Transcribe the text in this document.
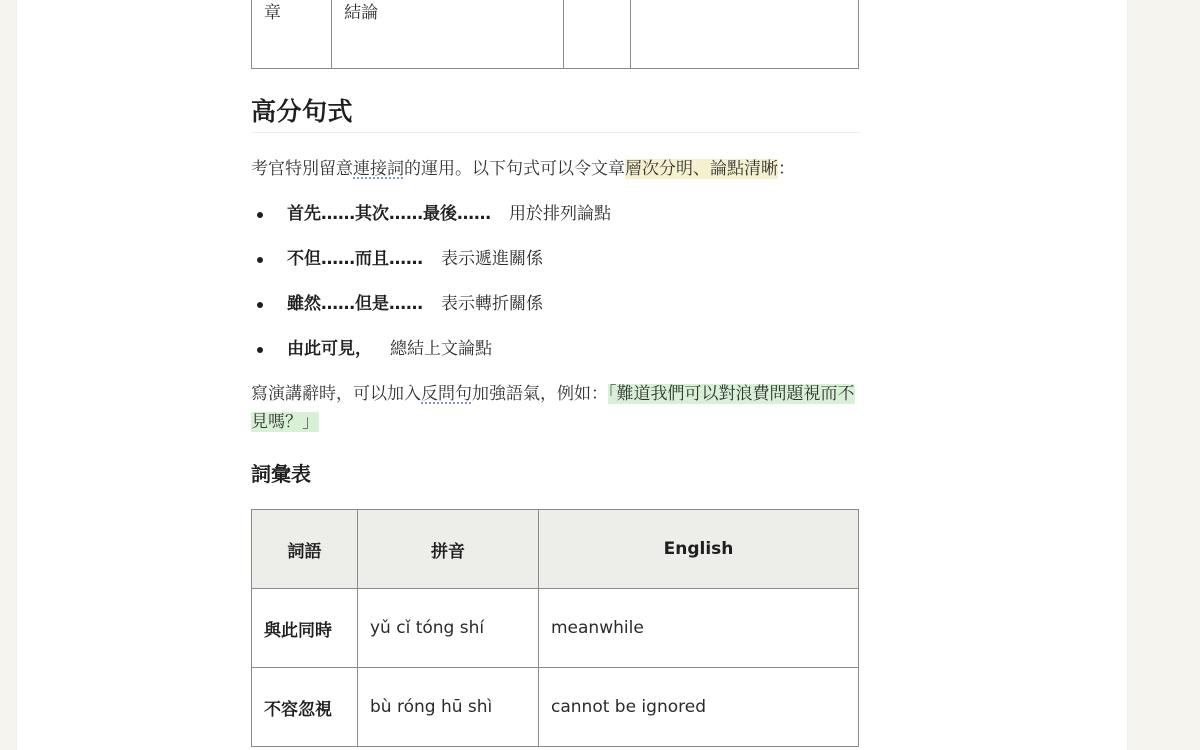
章	結論		
高分句式

考官特別留意連接詞的運用。以下句式可以令文章層次分明、論點清晰：

首先……其次……最後…… 用於排列論點
不但……而且…… 表示遞進關係
雖然……但是…… 表示轉折關係
由此可見， 總結上文論點

寫演講辭時，可以加入反問句加強語氣，例如：「難道我們可以對浪費問題視而不見嗎？」

詞彙表
詞語	拼音	English
與此同時	yǔ cǐ tóng shí	meanwhile
不容忽視	bù róng hū shì	cannot be ignored
